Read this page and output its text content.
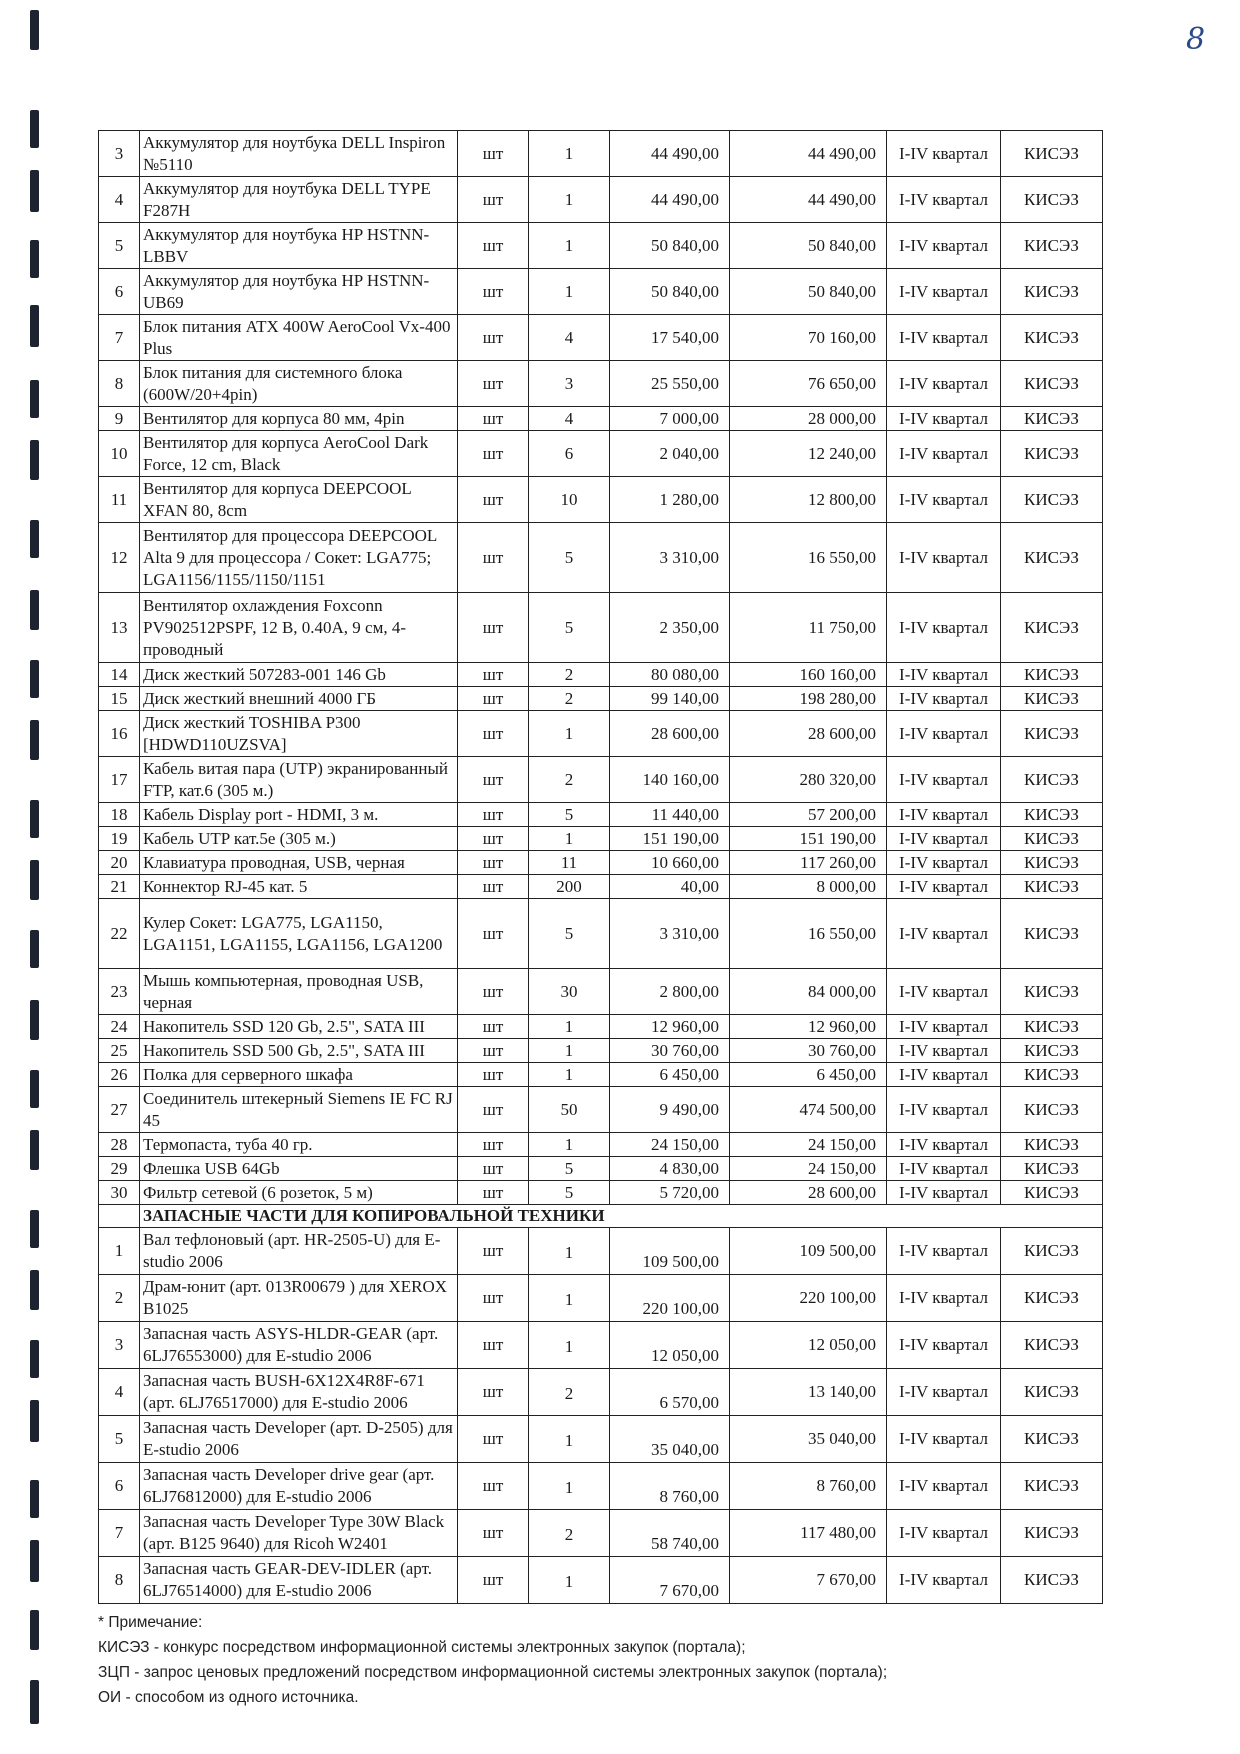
8
3	Аккумулятор для ноутбука DELL Inspiron №5110	шт	1	44 490,00	44 490,00	I-IV квартал	КИСЭЗ
4	Аккумулятор для ноутбука DELL TYPE F287H	шт	1	44 490,00	44 490,00	I-IV квартал	КИСЭЗ
5	Аккумулятор для ноутбука HP HSTNN-LBBV	шт	1	50 840,00	50 840,00	I-IV квартал	КИСЭЗ
6	Аккумулятор для ноутбука HP HSTNN-UB69	шт	1	50 840,00	50 840,00	I-IV квартал	КИСЭЗ
7	Блок питания ATX 400W AeroCool Vx-400 Plus	шт	4	17 540,00	70 160,00	I-IV квартал	КИСЭЗ
8	Блок питания для системного блока (600W/20+4pin)	шт	3	25 550,00	76 650,00	I-IV квартал	КИСЭЗ
9	Вентилятор для корпуса 80 мм, 4pin	шт	4	7 000,00	28 000,00	I-IV квартал	КИСЭЗ
10	Вентилятор для корпуса AeroCool Dark Force, 12 cm, Black	шт	6	2 040,00	12 240,00	I-IV квартал	КИСЭЗ
11	Вентилятор для корпуса DEEPCOOL XFAN 80, 8cm	шт	10	1 280,00	12 800,00	I-IV квартал	КИСЭЗ
12	Вентилятор для процессора DEEPCOOL Alta 9 для процессора / Сокет: LGA775; LGA1156/1155/1150/1151	шт	5	3 310,00	16 550,00	I-IV квартал	КИСЭЗ
13	Вентилятор охлаждения Foxconn PV902512PSPF, 12 В, 0.40А, 9 см, 4-проводный	шт	5	2 350,00	11 750,00	I-IV квартал	КИСЭЗ
14	Диск жесткий 507283-001 146 Gb	шт	2	80 080,00	160 160,00	I-IV квартал	КИСЭЗ
15	Диск жесткий внешний 4000 ГБ	шт	2	99 140,00	198 280,00	I-IV квартал	КИСЭЗ
16	Диск жесткий TOSHIBA P300 [HDWD110UZSVA]	шт	1	28 600,00	28 600,00	I-IV квартал	КИСЭЗ
17	Кабель витая пара (UTP) экранированный FTP, кат.6 (305 м.)	шт	2	140 160,00	280 320,00	I-IV квартал	КИСЭЗ
18	Кабель Display port - HDMI, 3 м.	шт	5	11 440,00	57 200,00	I-IV квартал	КИСЭЗ
19	Кабель UTP кат.5е (305 м.)	шт	1	151 190,00	151 190,00	I-IV квартал	КИСЭЗ
20	Клавиатура проводная, USB, черная	шт	11	10 660,00	117 260,00	I-IV квартал	КИСЭЗ
21	Коннектор RJ-45 кат. 5	шт	200	40,00	8 000,00	I-IV квартал	КИСЭЗ
22	Кулер Сокет: LGA775, LGA1150, LGA1151, LGA1155, LGA1156, LGA1200	шт	5	3 310,00	16 550,00	I-IV квартал	КИСЭЗ
23	Мышь компьютерная, проводная USB, черная	шт	30	2 800,00	84 000,00	I-IV квартал	КИСЭЗ
24	Накопитель SSD 120 Gb, 2.5", SATA III	шт	1	12 960,00	12 960,00	I-IV квартал	КИСЭЗ
25	Накопитель SSD 500 Gb, 2.5", SATA III	шт	1	30 760,00	30 760,00	I-IV квартал	КИСЭЗ
26	Полка для серверного шкафа	шт	1	6 450,00	6 450,00	I-IV квартал	КИСЭЗ
27	Соединитель штекерный Siemens IE FC RJ 45	шт	50	9 490,00	474 500,00	I-IV квартал	КИСЭЗ
28	Термопаста, туба 40 гр.	шт	1	24 150,00	24 150,00	I-IV квартал	КИСЭЗ
29	Флешка USB 64Gb	шт	5	4 830,00	24 150,00	I-IV квартал	КИСЭЗ
30	Фильтр сетевой (6 розеток, 5 м)	шт	5	5 720,00	28 600,00	I-IV квартал	КИСЭЗ
	ЗАПАСНЫЕ ЧАСТИ ДЛЯ КОПИРОВАЛЬНОЙ ТЕХНИКИ						
1	Вал тефлоновый (арт. HR-2505-U) для E-studio 2006	шт	1	109 500,00	109 500,00	I-IV квартал	КИСЭЗ
2	Драм-юнит (арт. 013R00679 ) для XEROX B1025	шт	1	220 100,00	220 100,00	I-IV квартал	КИСЭЗ
3	Запасная часть ASYS-HLDR-GEAR (арт. 6LJ76553000) для E-studio 2006	шт	1	12 050,00	12 050,00	I-IV квартал	КИСЭЗ
4	Запасная часть BUSH-6X12X4R8F-671 (арт. 6LJ76517000) для E-studio 2006	шт	2	6 570,00	13 140,00	I-IV квартал	КИСЭЗ
5	Запасная часть Developer (арт. D-2505) для E-studio 2006	шт	1	35 040,00	35 040,00	I-IV квартал	КИСЭЗ
6	Запасная часть Developer drive gear (арт. 6LJ76812000) для E-studio 2006	шт	1	8 760,00	8 760,00	I-IV квартал	КИСЭЗ
7	Запасная часть Developer Type 30W Black (арт. B125 9640) для Ricoh W2401	шт	2	58 740,00	117 480,00	I-IV квартал	КИСЭЗ
8	Запасная часть GEAR-DEV-IDLER (арт. 6LJ76514000) для E-studio 2006	шт	1	7 670,00	7 670,00	I-IV квартал	КИСЭЗ
* Примечание:
КИСЭЗ - конкурс посредством информационной системы электронных закупок (портала);
ЗЦП - запрос ценовых предложений посредством информационной системы электронных закупок (портала);
ОИ - способом из одного источника.
